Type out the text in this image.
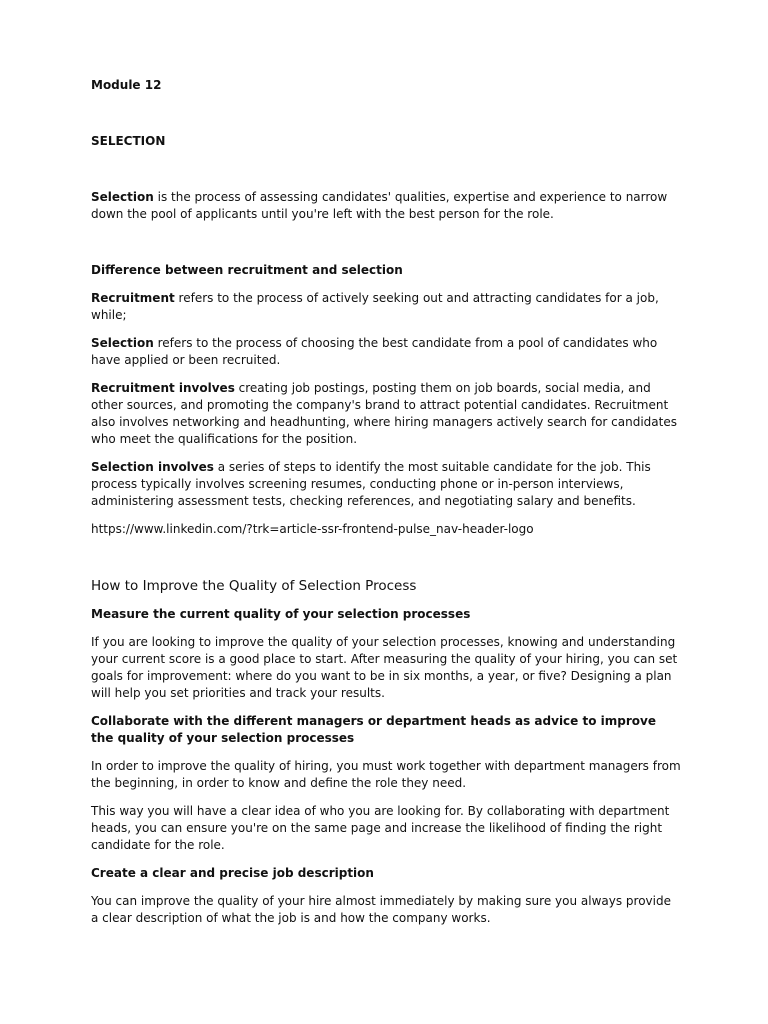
Module 12

SELECTION

Selection is the process of assessing candidates' qualities, expertise and experience to narrow down the pool of applicants until you're left with the best person for the role.

Difference between recruitment and selection

Recruitment refers to the process of actively seeking out and attracting candidates for a job, while;

Selection refers to the process of choosing the best candidate from a pool of candidates who have applied or been recruited.

Recruitment involves creating job postings, posting them on job boards, social media, and other sources, and promoting the company's brand to attract potential candidates. Recruitment also involves networking and headhunting, where hiring managers actively search for candidates who meet the qualifications for the position.

Selection involves a series of steps to identify the most suitable candidate for the job. This process typically involves screening resumes, conducting phone or in-person interviews, administering assessment tests, checking references, and negotiating salary and benefits.

https://www.linkedin.com/?trk=article-ssr-frontend-pulse_nav-header-logo

How to Improve the Quality of Selection Process

Measure the current quality of your selection processes

If you are looking to improve the quality of your selection processes, knowing and understanding your current score is a good place to start. After measuring the quality of your hiring, you can set goals for improvement: where do you want to be in six months, a year, or five? Designing a plan will help you set priorities and track your results.

Collaborate with the different managers or department heads as advice to improve the quality of your selection processes

In order to improve the quality of hiring, you must work together with department managers from the beginning, in order to know and define the role they need.

This way you will have a clear idea of who you are looking for. By collaborating with department heads, you can ensure you're on the same page and increase the likelihood of finding the right candidate for the role.

Create a clear and precise job description

You can improve the quality of your hire almost immediately by making sure you always provide a clear description of what the job is and how the company works.
